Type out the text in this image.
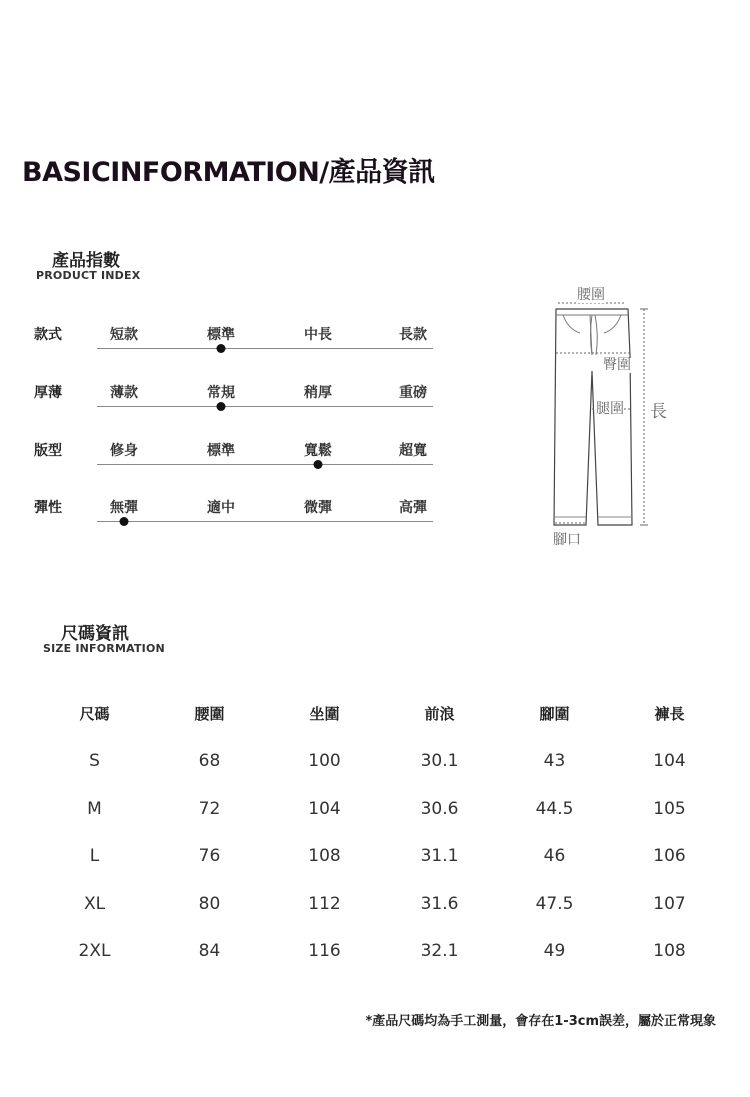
BASICINFORMATION/產品資訊
產品指數
PRODUCT INDEX
款式	短款	標準	中長	長款
厚薄	薄款	常規	稍厚	重磅
版型	修身	標準	寬鬆	超寬
彈性	無彈	適中	微彈	高彈
腰圍
臀圍
腿圍 長
腳口
尺碼資訊
SIZE INFORMATION
尺碼	腰圍	坐圍	前浪	腳圍	褲長
S	68	100	30.1	43	104
M	72	104	30.6	44.5	105
L	76	108	31.1	46	106
XL	80	112	31.6	47.5	107
2XL	84	116	32.1	49	108
*產品尺碼均為手工測量，會存在1-3cm誤差，屬於正常現象
